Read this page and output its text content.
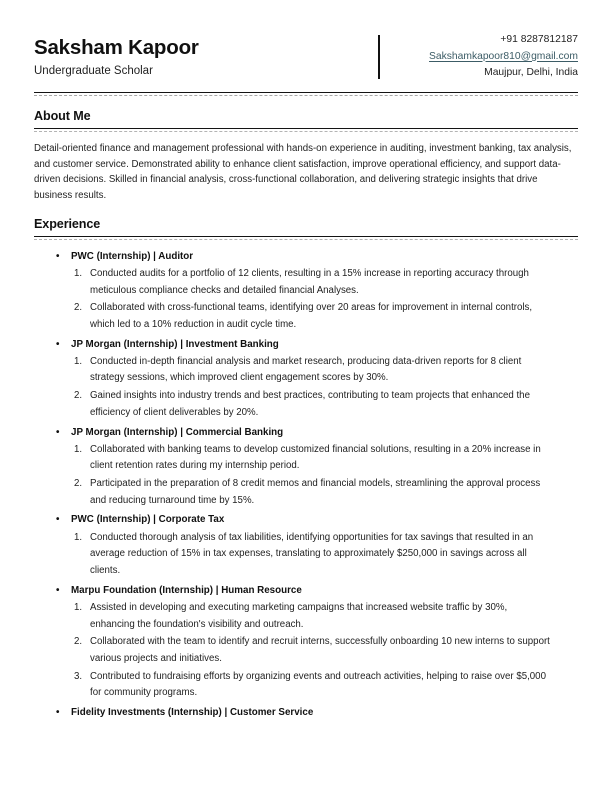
Saksham Kapoor
Undergraduate Scholar
+91 8287812187
Sakshamkapoor810@gmail.com
Maujpur, Delhi, India
About Me

Detail-oriented finance and management professional with hands-on experience in auditing, investment banking, tax analysis, and customer service. Demonstrated ability to enhance client satisfaction, improve operational efficiency, and support data-driven decisions. Skilled in financial analysis, cross-functional collaboration, and delivering strategic insights that drive business results.

Experience
• PWC (Internship) | Auditor
1. Conducted audits for a portfolio of 12 clients, resulting in a 15% increase in reporting accuracy through meticulous compliance checks and detailed financial Analyses.
2. Collaborated with cross-functional teams, identifying over 20 areas for improvement in internal controls, which led to a 10% reduction in audit cycle time.
• JP Morgan (Internship) | Investment Banking
1. Conducted in-depth financial analysis and market research, producing data-driven reports for 8 client strategy sessions, which improved client engagement scores by 30%.
2. Gained insights into industry trends and best practices, contributing to team projects that enhanced the efficiency of client deliverables by 20%.
• JP Morgan (Internship) | Commercial Banking
1. Collaborated with banking teams to develop customized financial solutions, resulting in a 20% increase in client retention rates during my internship period.
2. Participated in the preparation of 8 credit memos and financial models, streamlining the approval process and reducing turnaround time by 15%.
• PWC (Internship) | Corporate Tax
1. Conducted thorough analysis of tax liabilities, identifying opportunities for tax savings that resulted in an average reduction of 15% in tax expenses, translating to approximately $250,000 in savings across all clients.
• Marpu Foundation (Internship) | Human Resource
1. Assisted in developing and executing marketing campaigns that increased website traffic by 30%, enhancing the foundation's visibility and outreach.
2. Collaborated with the team to identify and recruit interns, successfully onboarding 10 new interns to support various projects and initiatives.
3. Contributed to fundraising efforts by organizing events and outreach activities, helping to raise over $5,000 for community programs.
• Fidelity Investments (Internship) | Customer Service
